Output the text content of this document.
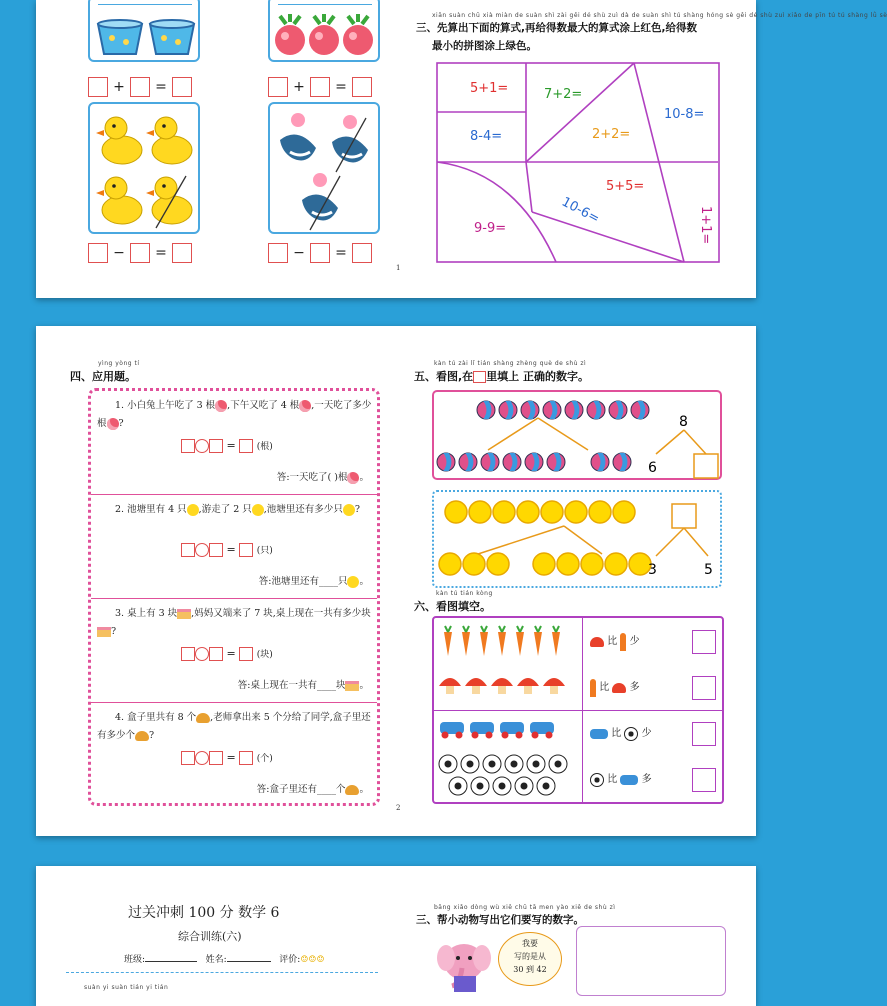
+ =	+ =
− =	− =
1
xiān suàn chū xià miàn de suàn shì zài gěi dé shù zuì dà de suàn shì tú shàng hóng sè gěi dé shù zuì xiǎo de pīn tú tú shàng lǜ sè
三、先算出下面的算式,再给得数最大的算式涂上红色,给得数
最小的拼图涂上绿色。
5+1=	7+2=
10-8=
8-4=	2+2=
5+5=
10-6=	1+1=
9-9=
yìng yòng tí
四、应用题。
1. 小白兔上午吃了 3 根 ,下午又吃了 4 根 ,一天吃了多少根 ?
= (根)
答:一天吃了( )根 。
2. 池塘里有 4 只 ,游走了 2 只 ,池塘里还有多少只 ?
= (只)
答:池塘里还有____只 。
3. 桌上有 3 块 ,妈妈又端来了 7 块,桌上现在一共有多少块?
= (块)
答:桌上现在一共有____块 。
4. 盒子里共有 8 个 ,老师拿出来 5 个分给了同学,盒子里还有多少个 ?
= (个)
答:盒子里还有____个 。
2
kàn tú zài lǐ tián shàng zhèng què de shù zì
五、看图,在 里填上 正确的数字。
8
6
3	5
kàn tú tián kòng
六、看图填空。
比 少
比 多
比 少
比 多
过关冲刺 100 分 数学 6
综合训练(六)
班级:	姓名:	评价:☺☺☺
suàn yi suàn tián yi tián
bāng xiǎo dòng wù xiě chū tā men yào xiě de shù zì
三、帮小动物写出它们要写的数字。
我要
写的是从
30 到 42
